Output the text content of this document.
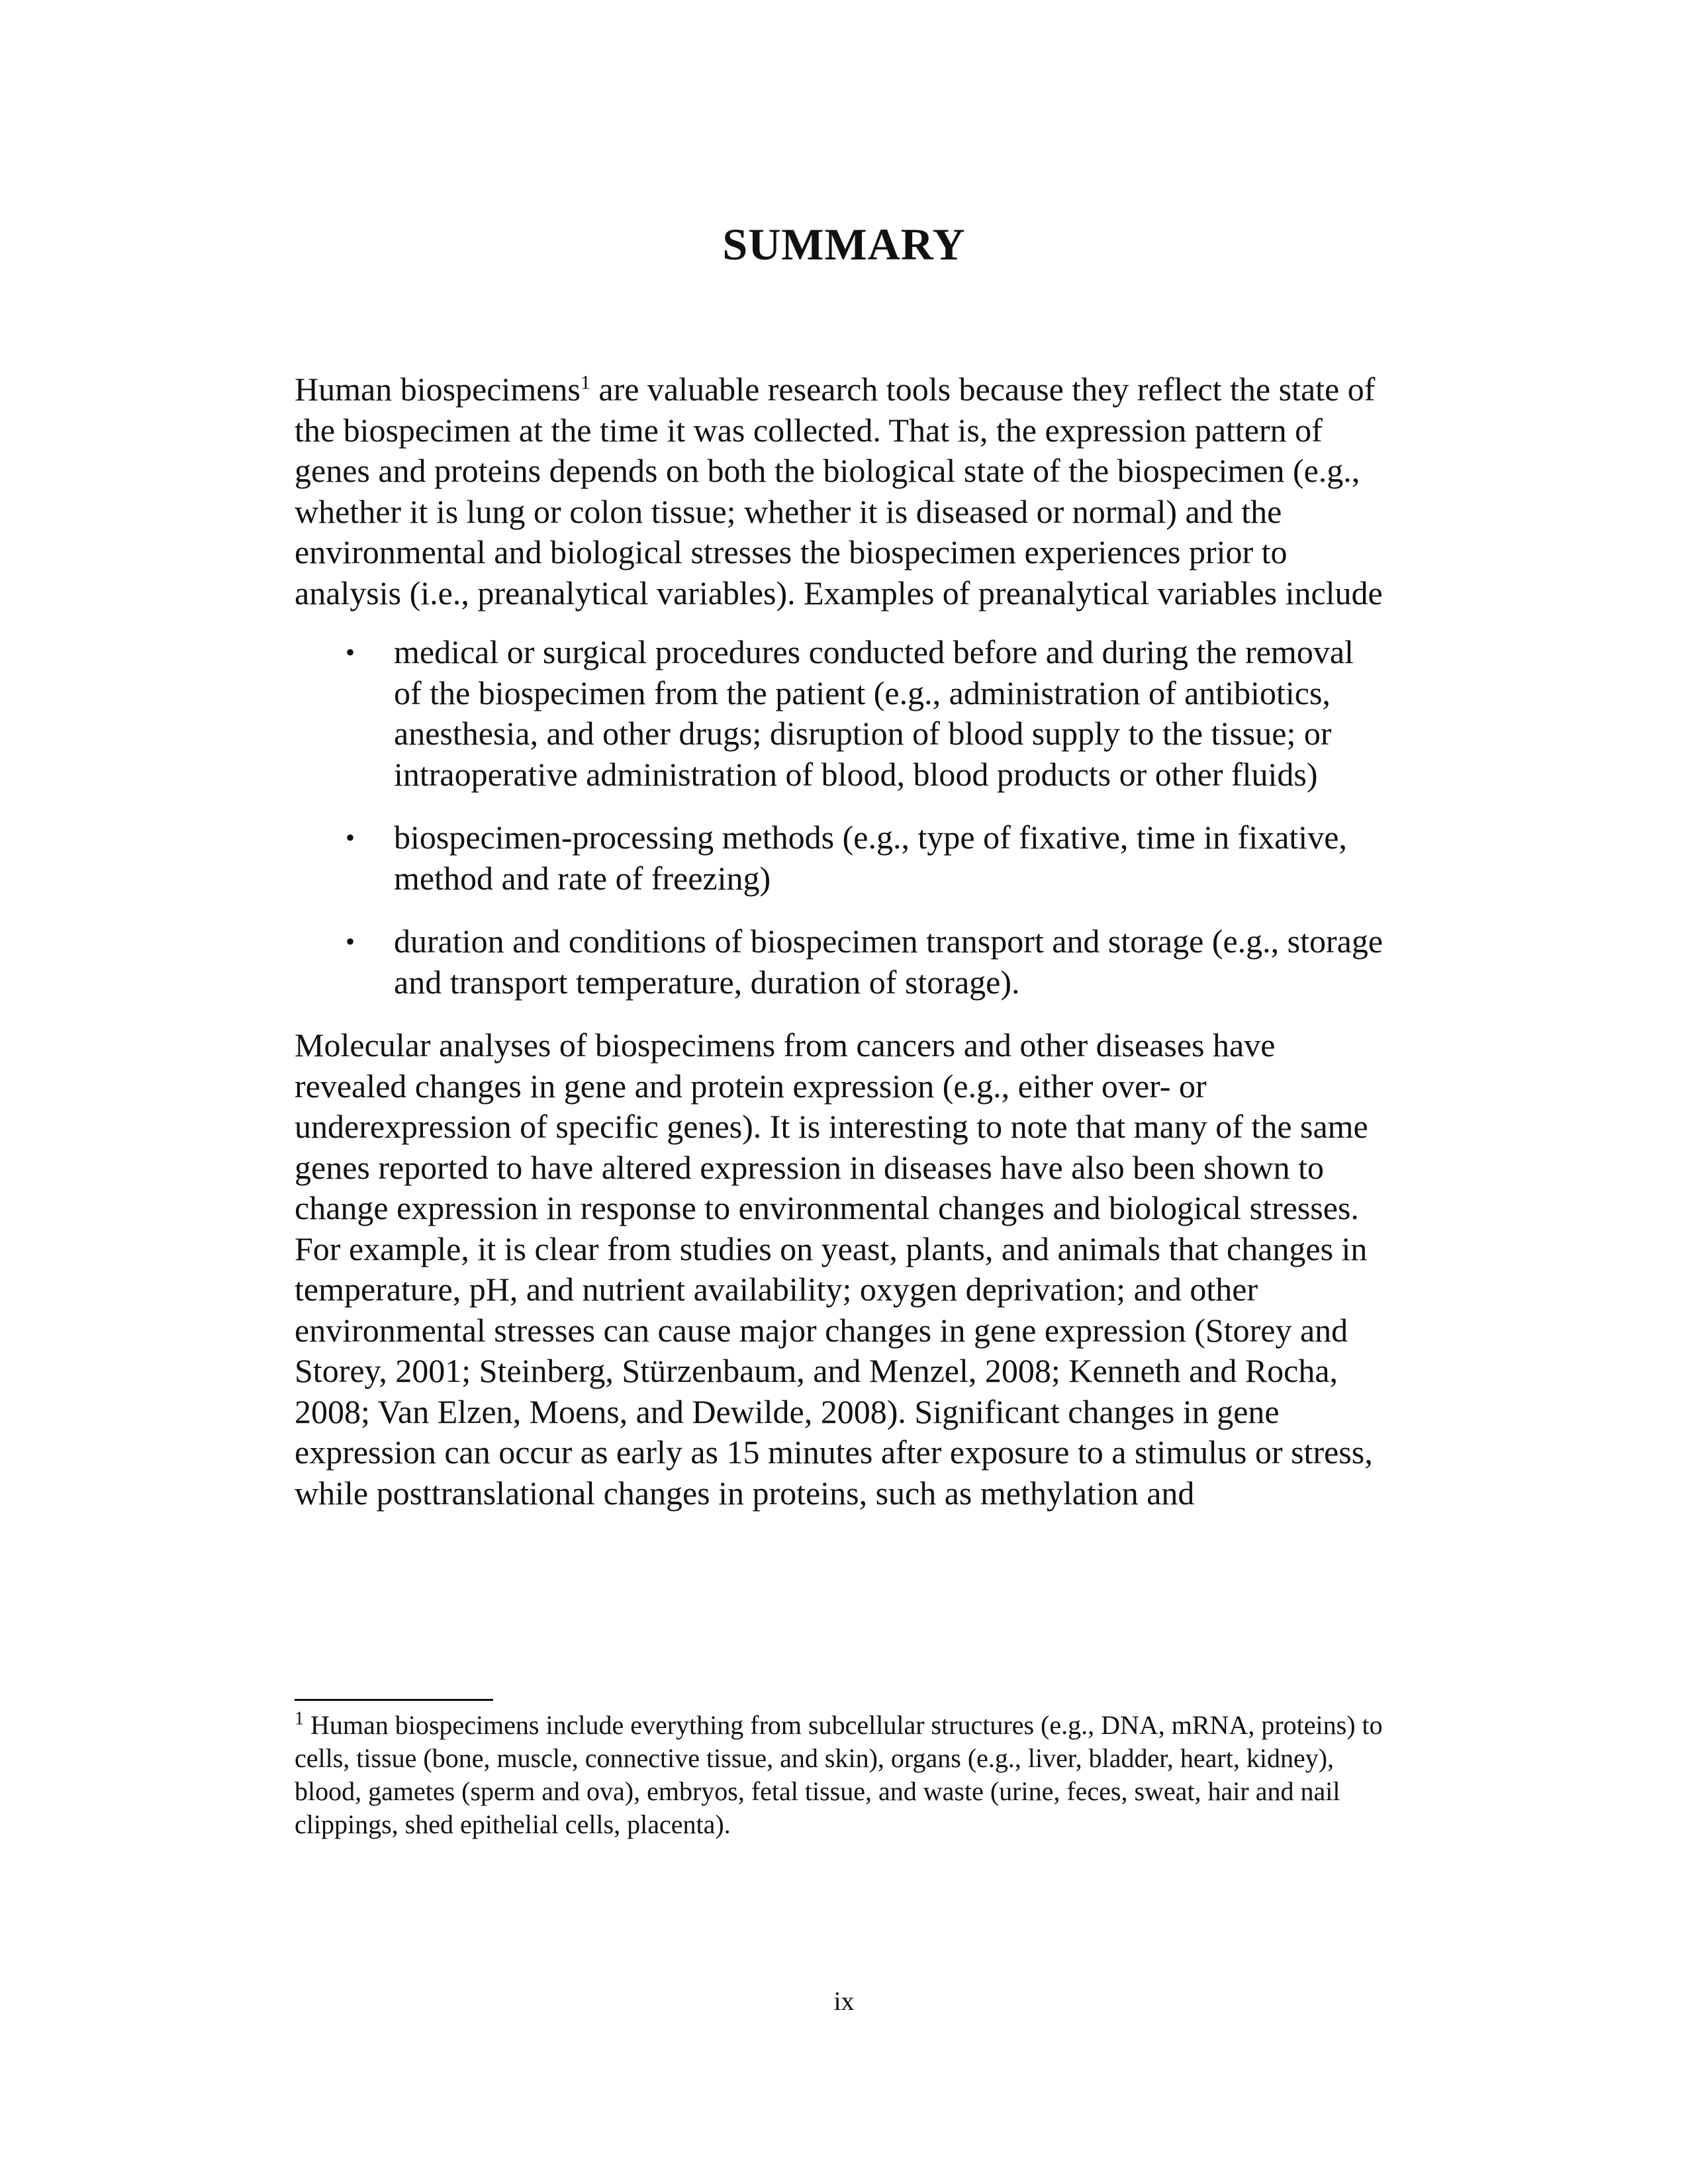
SUMMARY

Human biospecimens$^1$ are valuable research tools because they reflect the state of the biospecimen at the time it was collected. That is, the expression pattern of genes and proteins depends on both the biological state of the biospecimen (e.g., whether it is lung or colon tissue; whether it is diseased or normal) and the environmental and biological stresses the biospecimen experiences prior to analysis (i.e., preanalytical variables). Examples of preanalytical variables include

• medical or surgical procedures conducted before and during the removal of the biospecimen from the patient (e.g., administration of antibiotics, anesthesia, and other drugs; disruption of blood supply to the tissue; or intraoperative administration of blood, blood products or other fluids)
• biospecimen-processing methods (e.g., type of fixative, time in fixative, method and rate of freezing)
• duration and conditions of biospecimen transport and storage (e.g., storage and transport temperature, duration of storage).

Molecular analyses of biospecimens from cancers and other diseases have revealed changes in gene and protein expression (e.g., either over- or underexpression of specific genes). It is interesting to note that many of the same genes reported to have altered expression in diseases have also been shown to change expression in response to environmental changes and biological stresses. For example, it is clear from studies on yeast, plants, and animals that changes in temperature, pH, and nutrient availability; oxygen deprivation; and other environmental stresses can cause major changes in gene expression (Storey and Storey, 2001; Steinberg, Stürzenbaum, and Menzel, 2008; Kenneth and Rocha, 2008; Van Elzen, Moens, and Dewilde, 2008). Significant changes in gene expression can occur as early as 15 minutes after exposure to a stimulus or stress, while posttranslational changes in proteins, such as methylation and

$^1$ Human biospecimens include everything from subcellular structures (e.g., DNA, mRNA, proteins) to cells, tissue (bone, muscle, connective tissue, and skin), organs (e.g., liver, bladder, heart, kidney), blood, gametes (sperm and ova), embryos, fetal tissue, and waste (urine, feces, sweat, hair and nail clippings, shed epithelial cells, placenta).

ix
